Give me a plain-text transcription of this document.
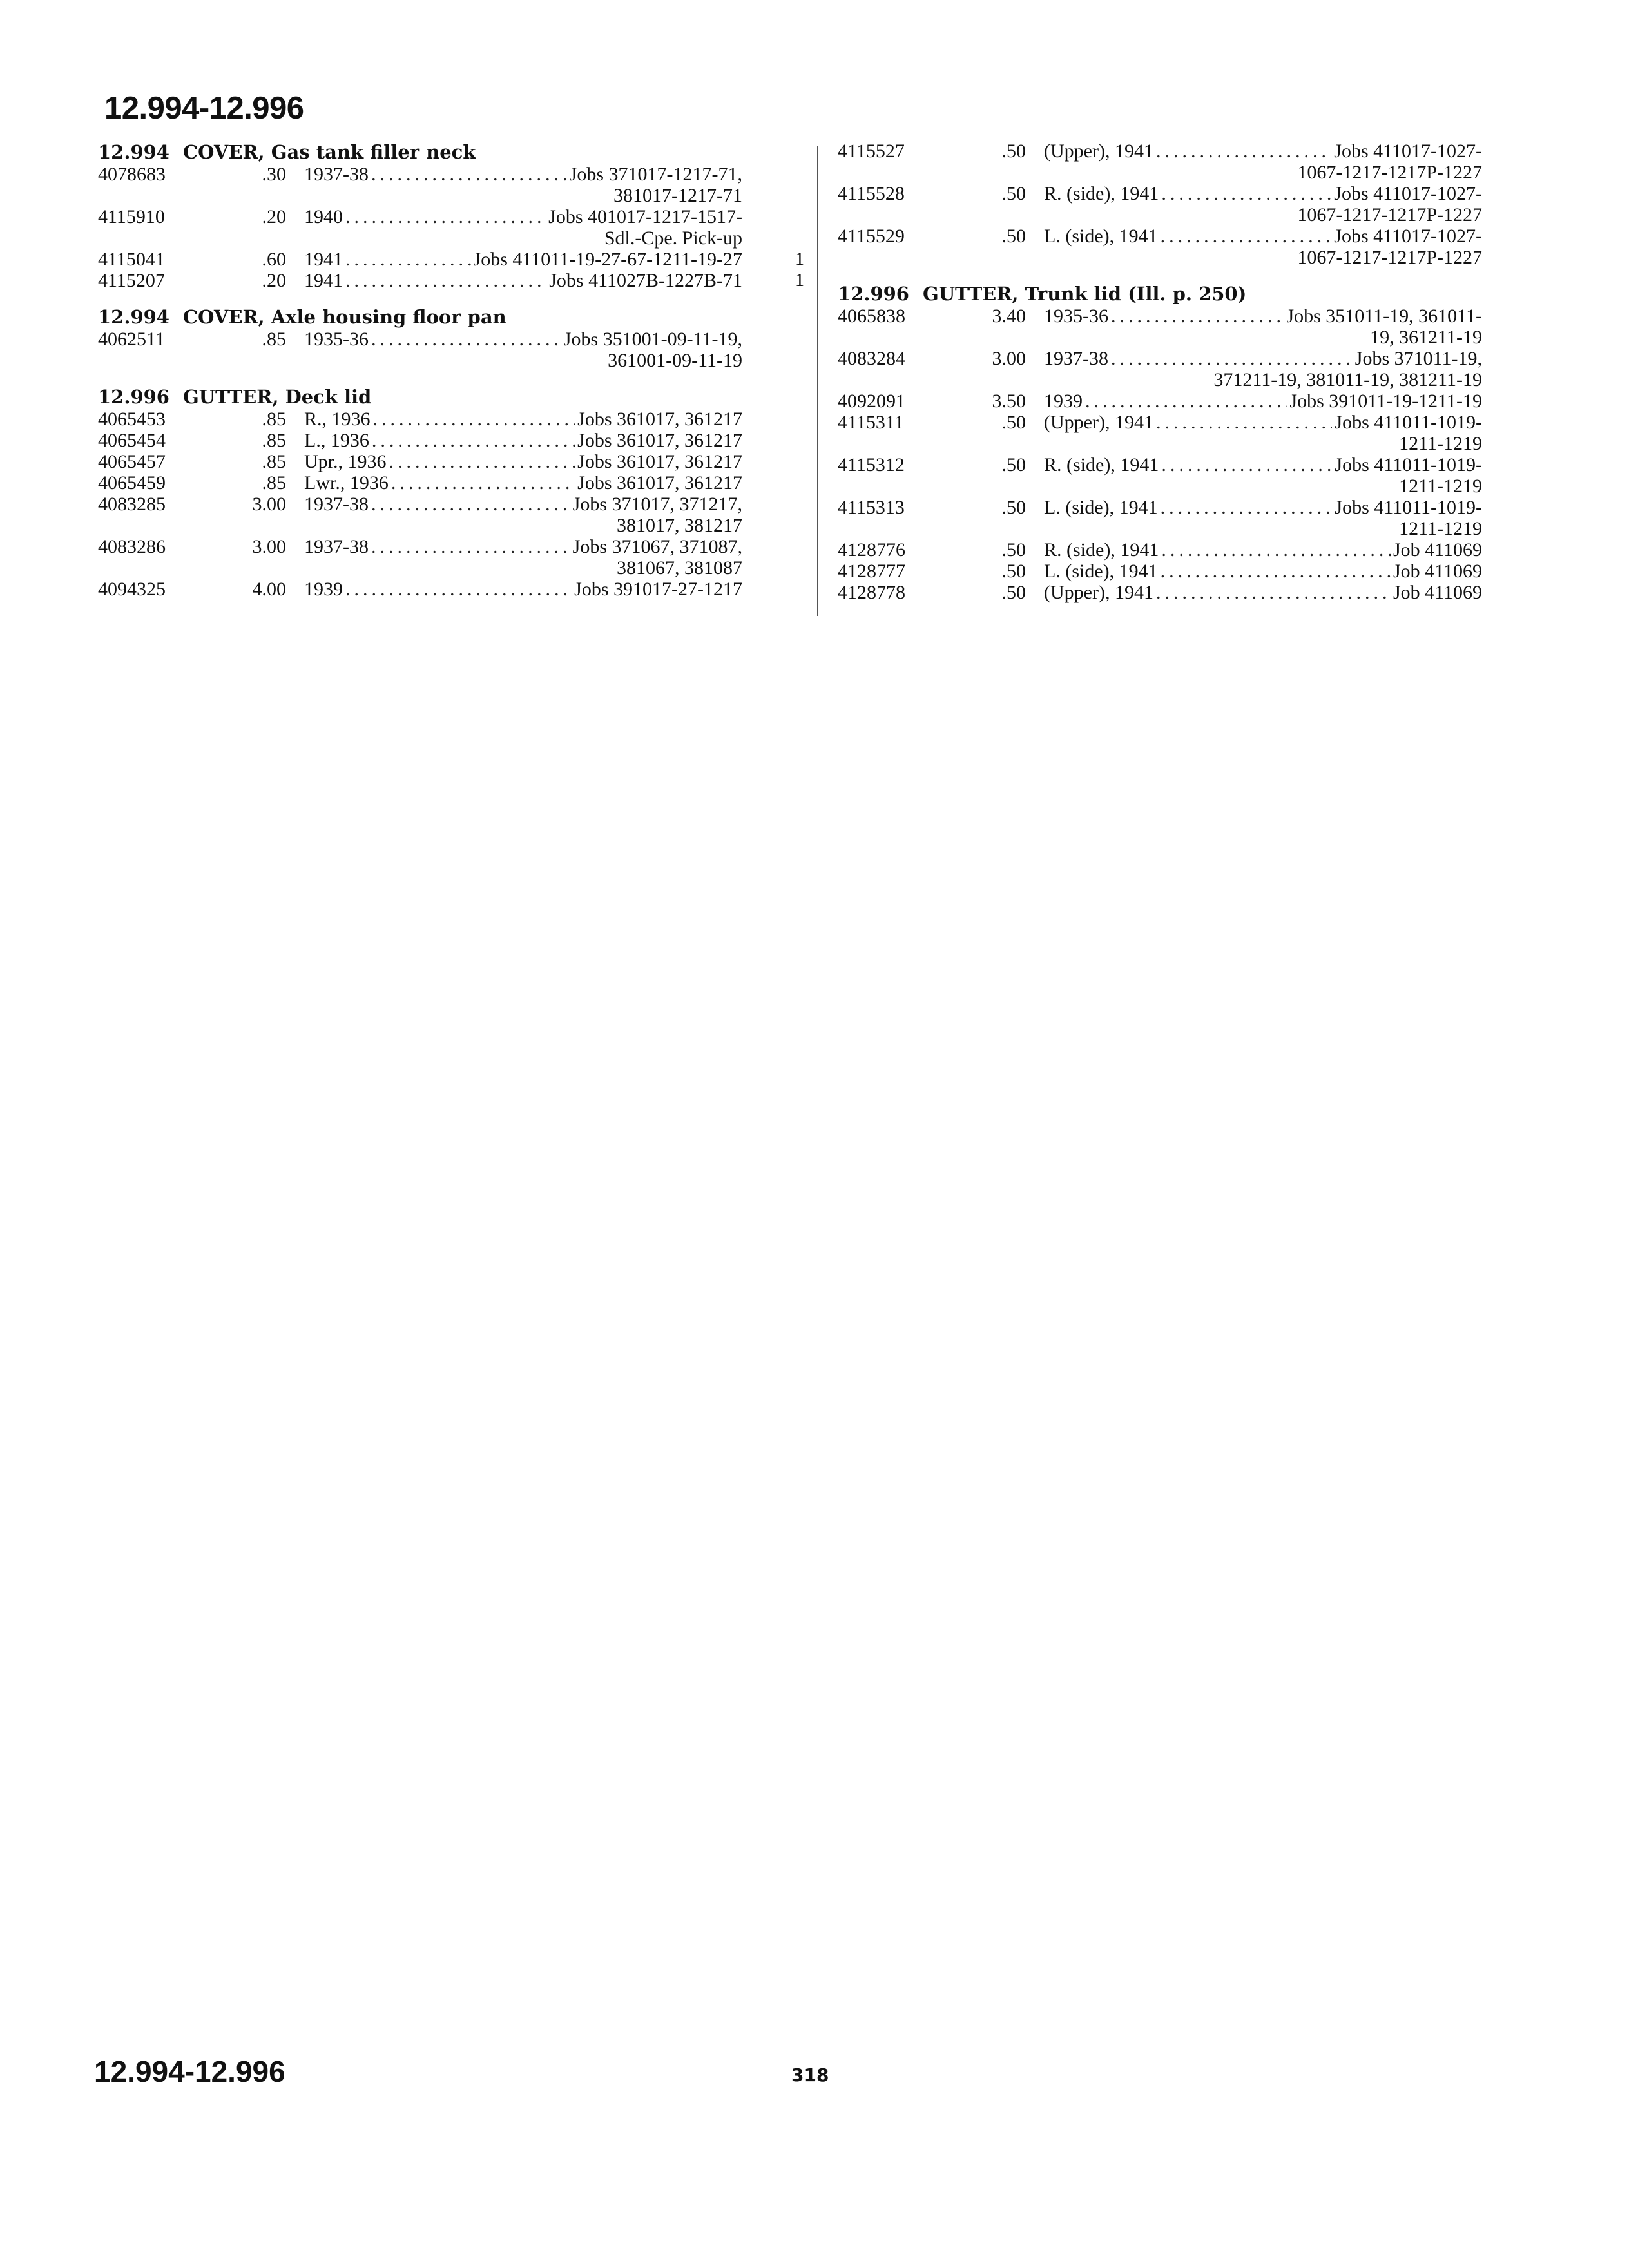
12.994-12.996
12.994 COVER, Gas tank filler neck
4078683	.30 1937-38 .....	Jobs 371017-1217-71,
381017-1217-71
4115910	.20 1940 .....	Jobs 401017-1217-1517-
Sdl.-Cpe. Pick-up
4115041	.60 1941 .....	Jobs 411011-19-27-67-1211-19-27	1
4115207	.20 1941 .....	Jobs 411027B-1227B-71	1
12.994 COVER, Axle housing floor pan
4062511	.85 1935-36 .....	Jobs 351001-09-11-19,
361001-09-11-19
12.996 GUTTER, Deck lid
4065453	.85 R., 1936 .....	Jobs 361017, 361217
4065454	.85 L., 1936 .....	Jobs 361017, 361217
4065457	.85 Upr., 1936 .....	Jobs 361017, 361217
4065459	.85 Lwr., 1936 .....	Jobs 361017, 361217
4083285	3.00 1937-38 .....	Jobs 371017, 371217,
381017, 381217
4083286	3.00 1937-38 .....	Jobs 371067, 371087,
381067, 381087
4094325	4.00 1939 .....	Jobs 391017-27-1217
4115527	.50 (Upper), 1941 .....	Jobs 411017-1027-
1067-1217-1217P-1227
4115528	.50 R. (side), 1941 .....	Jobs 411017-1027-
1067-1217-1217P-1227
4115529	.50 L. (side), 1941 .....	Jobs 411017-1027-
1067-1217-1217P-1227
12.996 GUTTER, Trunk lid (Ill. p. 250)
4065838	3.40 1935-36 .....	Jobs 351011-19, 361011-
19, 361211-19
4083284	3.00 1937-38 .....	Jobs 371011-19,
371211-19, 381011-19, 381211-19
4092091	3.50 1939 .....	Jobs 391011-19-1211-19
4115311	.50 (Upper), 1941 .....	Jobs 411011-1019-
1211-1219
4115312	.50 R. (side), 1941 .....	Jobs 411011-1019-
1211-1219
4115313	.50 L. (side), 1941 .....	Jobs 411011-1019-
1211-1219
4128776	.50 R. (side), 1941 .....	Job 411069
4128777	.50 L. (side), 1941 .....	Job 411069
4128778	.50 (Upper), 1941 .....	Job 411069
12.994-12.996	318
